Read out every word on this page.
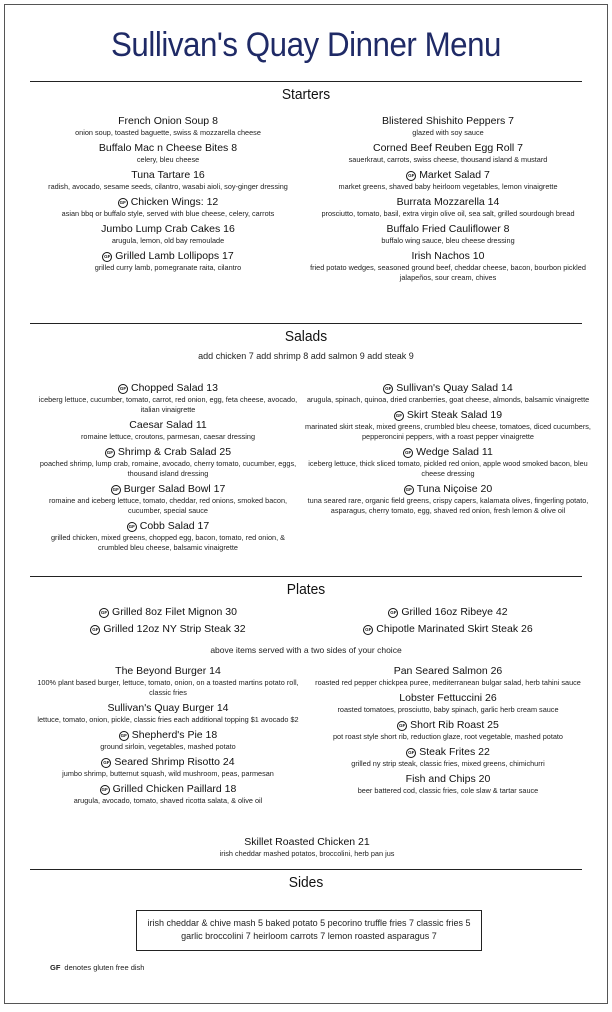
Sullivan's Quay Dinner Menu
Starters
French Onion Soup 8
onion soup, toasted baguette, swiss & mozzarella cheese
Buffalo Mac n Cheese Bites 8
celery, bleu cheese
Tuna Tartare 16
radish, avocado, sesame seeds, cilantro, wasabi aioli, soy-ginger dressing
GF Chicken Wings: 12
asian bbq or buffalo style, served with blue cheese, celery, carrots
Jumbo Lump Crab Cakes 16
arugula, lemon, old bay remoulade
GF Grilled Lamb Lollipops 17
grilled curry lamb, pomegranate raita, cilantro
Blistered Shishito Peppers 7
glazed with soy sauce
Corned Beef Reuben Egg Roll 7
sauerkraut, carrots, swiss cheese, thousand island & mustard
GF Market Salad 7
market greens, shaved baby heirloom vegetables, lemon vinaigrette
Burrata Mozzarella 14
prosciutto, tomato, basil, extra virgin olive oil, sea salt, grilled sourdough bread
Buffalo Fried Cauliflower 8
buffalo wing sauce, bleu cheese dressing
Irish Nachos 10
fried potato wedges, seasoned ground beef, cheddar cheese, bacon, bourbon pickled jalapeños, sour cream, chives
Salads
add chicken 7 add shrimp 8 add salmon 9 add steak 9
GF Chopped Salad 13
iceberg lettuce, cucumber, tomato, carrot, red onion, egg, feta cheese, avocado, italian vinaigrette
Caesar Salad 11
romaine lettuce, croutons, parmesan, caesar dressing
GF Shrimp & Crab Salad 25
poached shrimp, lump crab, romaine, avocado, cherry tomato, cucumber, eggs, thousand island dressing
GF Burger Salad Bowl 17
romaine and iceberg lettuce, tomato, cheddar, red onions, smoked bacon, cucumber, special sauce
GF Cobb Salad 17
grilled chicken, mixed greens, chopped egg, bacon, tomato, red onion, & crumbled bleu cheese, balsamic vinaigrette
GF Sullivan's Quay Salad 14
arugula, spinach, quinoa, dried cranberries, goat cheese, almonds, balsamic vinaigrette
GF Skirt Steak Salad 19
marinated skirt steak, mixed greens, crumbled bleu cheese, tomatoes, diced cucumbers, pepperoncini peppers, with a roast pepper vinaigrette
GF Wedge Salad 11
iceberg lettuce, thick sliced tomato, pickled red onion, apple wood smoked bacon, bleu cheese dressing
GF Tuna Niçoise 20
tuna seared rare, organic field greens, crispy capers, kalamata olives, fingerling potato, asparagus, cherry tomato, egg, shaved red onion, fresh lemon & olive oil
Plates
GF Grilled 8oz Filet Mignon 30
GF Grilled 12oz NY Strip Steak 32
GF Grilled 16oz Ribeye 42
GF Chipotle Marinated Skirt Steak 26
above items served with a two sides of your choice
The Beyond Burger 14
100% plant based burger, lettuce, tomato, onion, on a toasted martins potato roll, classic fries
Sullivan's Quay Burger 14
lettuce, tomato, onion, pickle, classic fries each additional topping $1 avocado $2
GF Shepherd's Pie 18
ground sirloin, vegetables, mashed potato
GF Seared Shrimp Risotto 24
jumbo shrimp, butternut squash, wild mushroom, peas, parmesan
GF Grilled Chicken Paillard 18
arugula, avocado, tomato, shaved ricotta salata, & olive oil
Pan Seared Salmon 26
roasted red pepper chickpea puree, mediterranean bulgar salad, herb tahini sauce
Lobster Fettuccini 26
roasted tomatoes, prosciutto, baby spinach, garlic herb cream sauce
GF Short Rib Roast 25
pot roast style short rib, reduction glaze, root vegetable, mashed potato
GF Steak Frites 22
grilled ny strip steak, classic fries, mixed greens, chimichurri
Fish and Chips 20
beer battered cod, classic fries, cole slaw & tartar sauce
Skillet Roasted Chicken 21
irish cheddar mashed potatos, broccolini, herb pan jus
Sides
irish cheddar & chive mash 5 baked potato 5 pecorino truffle fries 7 classic fries 5
garlic broccolini 7 heirloom carrots 7 lemon roasted asparagus 7
GF denotes gluten free dish
